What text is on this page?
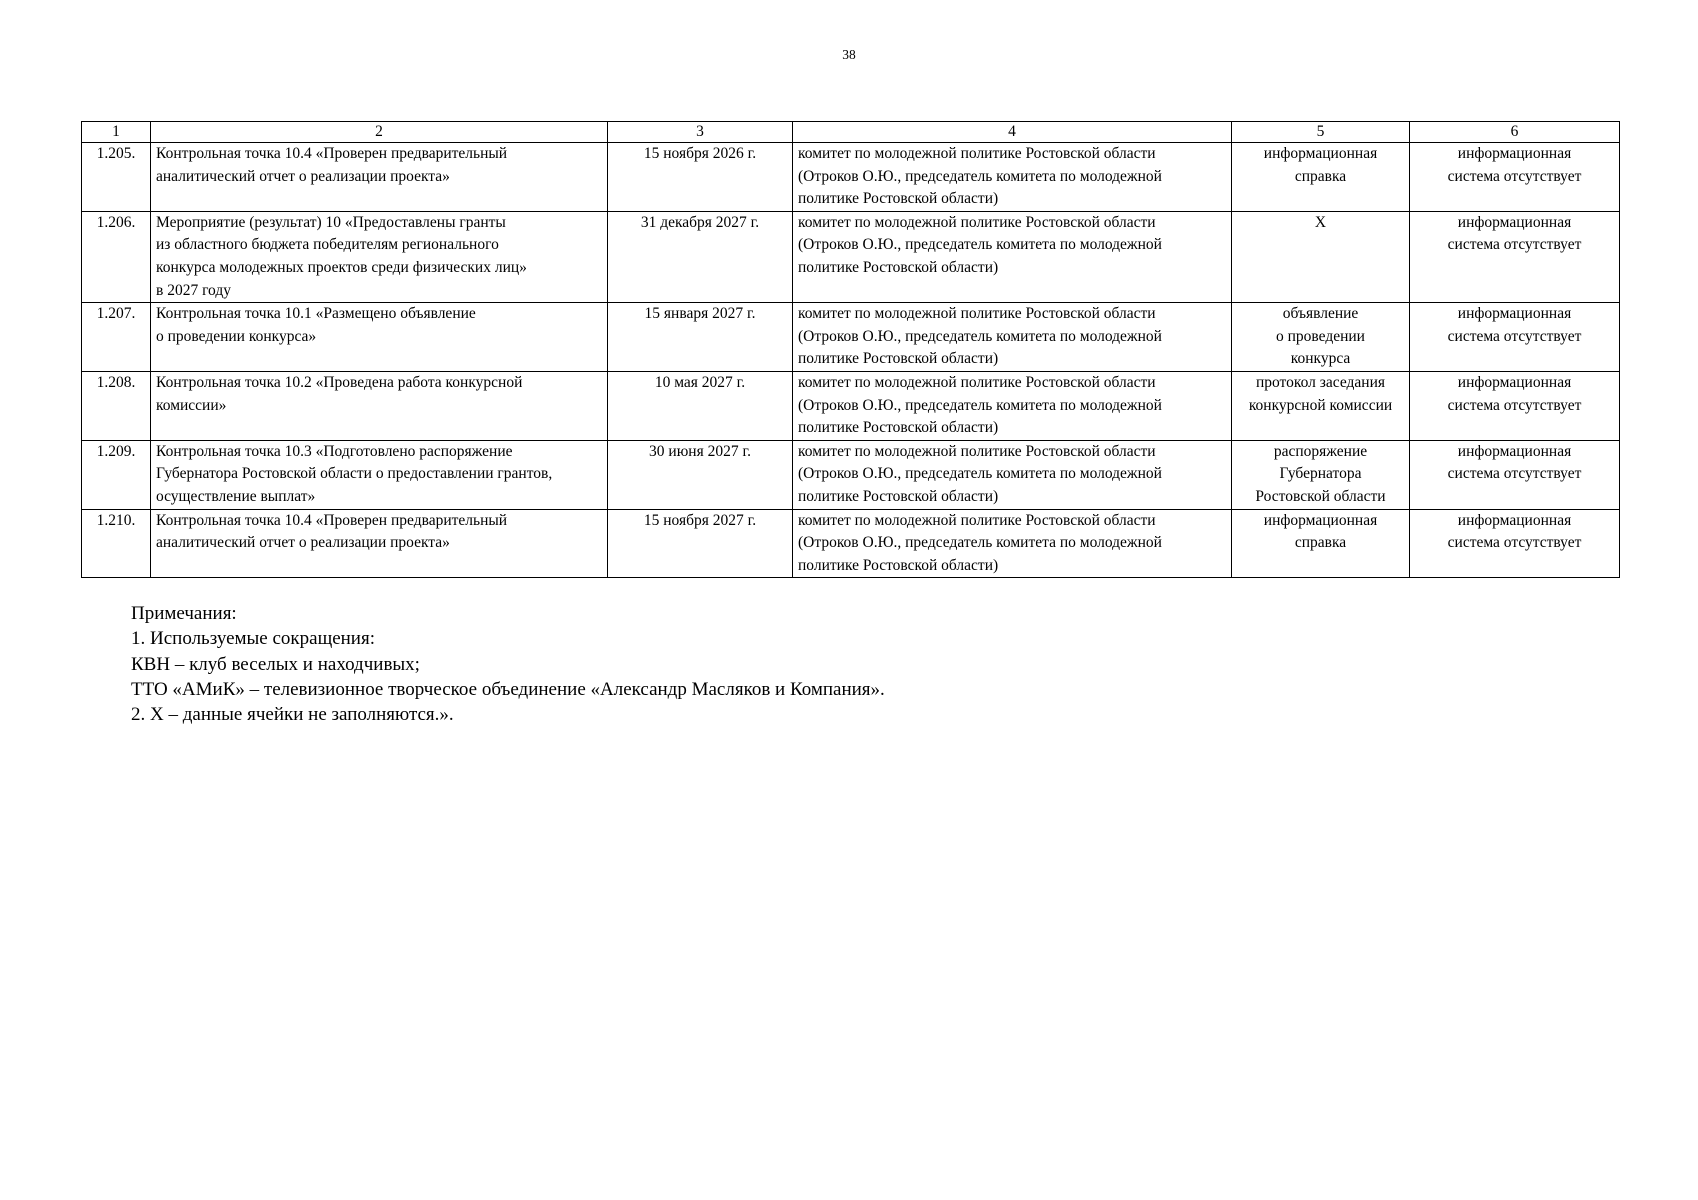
38
1	2	3	4	5	6
1.205.	Контрольная точка 10.4 «Проверен предварительный
аналитический отчет о реализации проекта»	15 ноября 2026 г.	комитет по молодежной политике Ростовской области
(Отроков О.Ю., председатель комитета по молодежной
политике Ростовской области)	информационная
справка	информационная
система отсутствует

1.206.	Мероприятие (результат) 10 «Предоставлены гранты
из областного бюджета победителям регионального
конкурса молодежных проектов среди физических лиц»
в 2027 году	31 декабря 2027 г.	комитет по молодежной политике Ростовской области
(Отроков О.Ю., председатель комитета по молодежной
политике Ростовской области)	X	информационная
система отсутствует

1.207.	Контрольная точка 10.1 «Размещено объявление
о проведении конкурса»	15 января 2027 г.	комитет по молодежной политике Ростовской области
(Отроков О.Ю., председатель комитета по молодежной
политике Ростовской области)	объявление
о проведении
конкурса	информационная
система отсутствует

1.208.	Контрольная точка 10.2 «Проведена работа конкурсной
комиссии»	10 мая 2027 г.	комитет по молодежной политике Ростовской области
(Отроков О.Ю., председатель комитета по молодежной
политике Ростовской области)	протокол заседания
конкурсной комиссии	информационная
система отсутствует

1.209.	Контрольная точка 10.3 «Подготовлено распоряжение
Губернатора Ростовской области о предоставлении грантов,
осуществление выплат»	30 июня 2027 г.	комитет по молодежной политике Ростовской области
(Отроков О.Ю., председатель комитета по молодежной
политике Ростовской области)	распоряжение
Губернатора
Ростовской области	информационная
система отсутствует

1.210.	Контрольная точка 10.4 «Проверен предварительный
аналитический отчет о реализации проекта»	15 ноября 2027 г.	комитет по молодежной политике Ростовской области
(Отроков О.Ю., председатель комитета по молодежной
политике Ростовской области)	информационная
справка	информационная
система отсутствует
Примечания:
1. Используемые сокращения:
КВН – клуб веселых и находчивых;
ТТО «АМиК» – телевизионное творческое объединение «Александр Масляков и Компания».
2. Х – данные ячейки не заполняются.».
